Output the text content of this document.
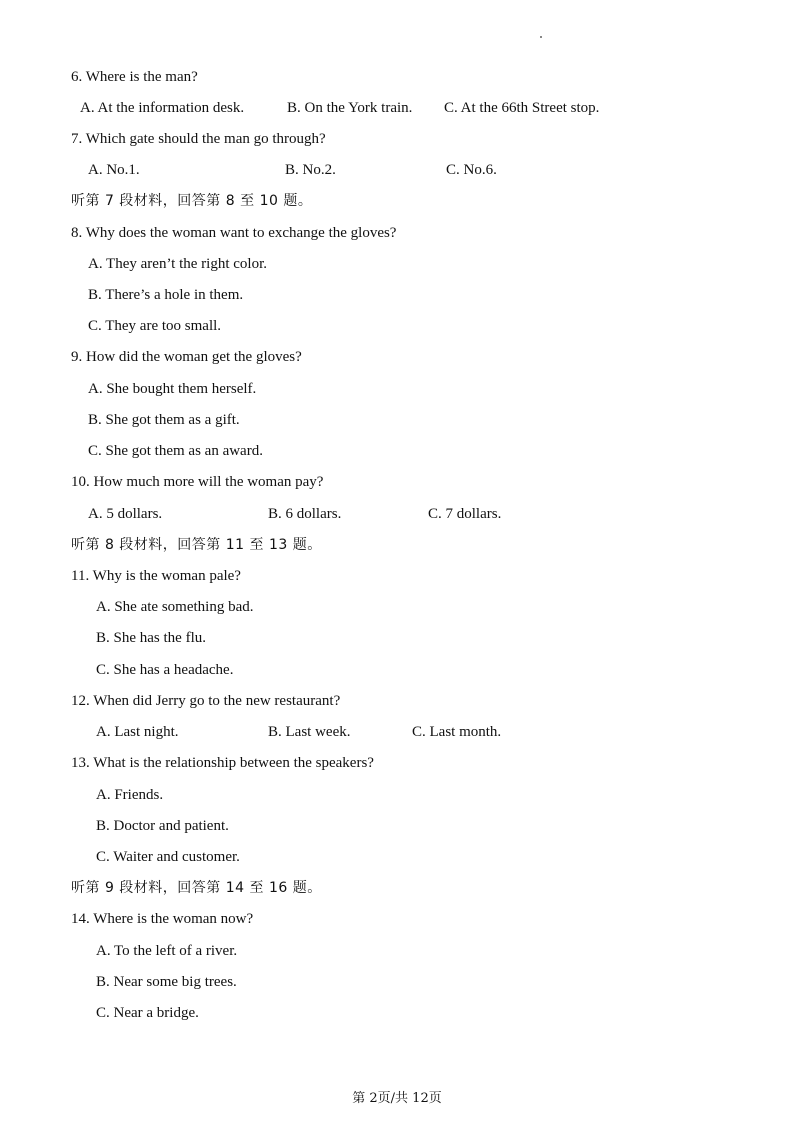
6. Where is the man?
A. At the information desk.	B. On the York train. C. At the 66th Street stop.
7. Which gate should the man go through?
A. No.1.	B. No.2.	C. No.6.
听第 7 段材料，回答第 8 至 10 题。
8. Why does the woman want to exchange the gloves?
A. They aren’t the right color.
B. There’s a hole in them.
C. They are too small.
9. How did the woman get the gloves?
A. She bought them herself.
B. She got them as a gift.
C. She got them as an award.
10. How much more will the woman pay?
A. 5 dollars.	B. 6 dollars.	C. 7 dollars.
听第 8 段材料，回答第 11 至 13 题。
11. Why is the woman pale?
A. She ate something bad.
B. She has the flu.
C. She has a headache.
12. When did Jerry go to the new restaurant?
A. Last night.	B. Last week.	C. Last month.
13. What is the relationship between the speakers?
A. Friends.
B. Doctor and patient.
C. Waiter and customer.
听第 9 段材料，回答第 14 至 16 题。
14. Where is the woman now?
A. To the left of a river.
B. Near some big trees.
C. Near a bridge.
第 2页/共 12页
